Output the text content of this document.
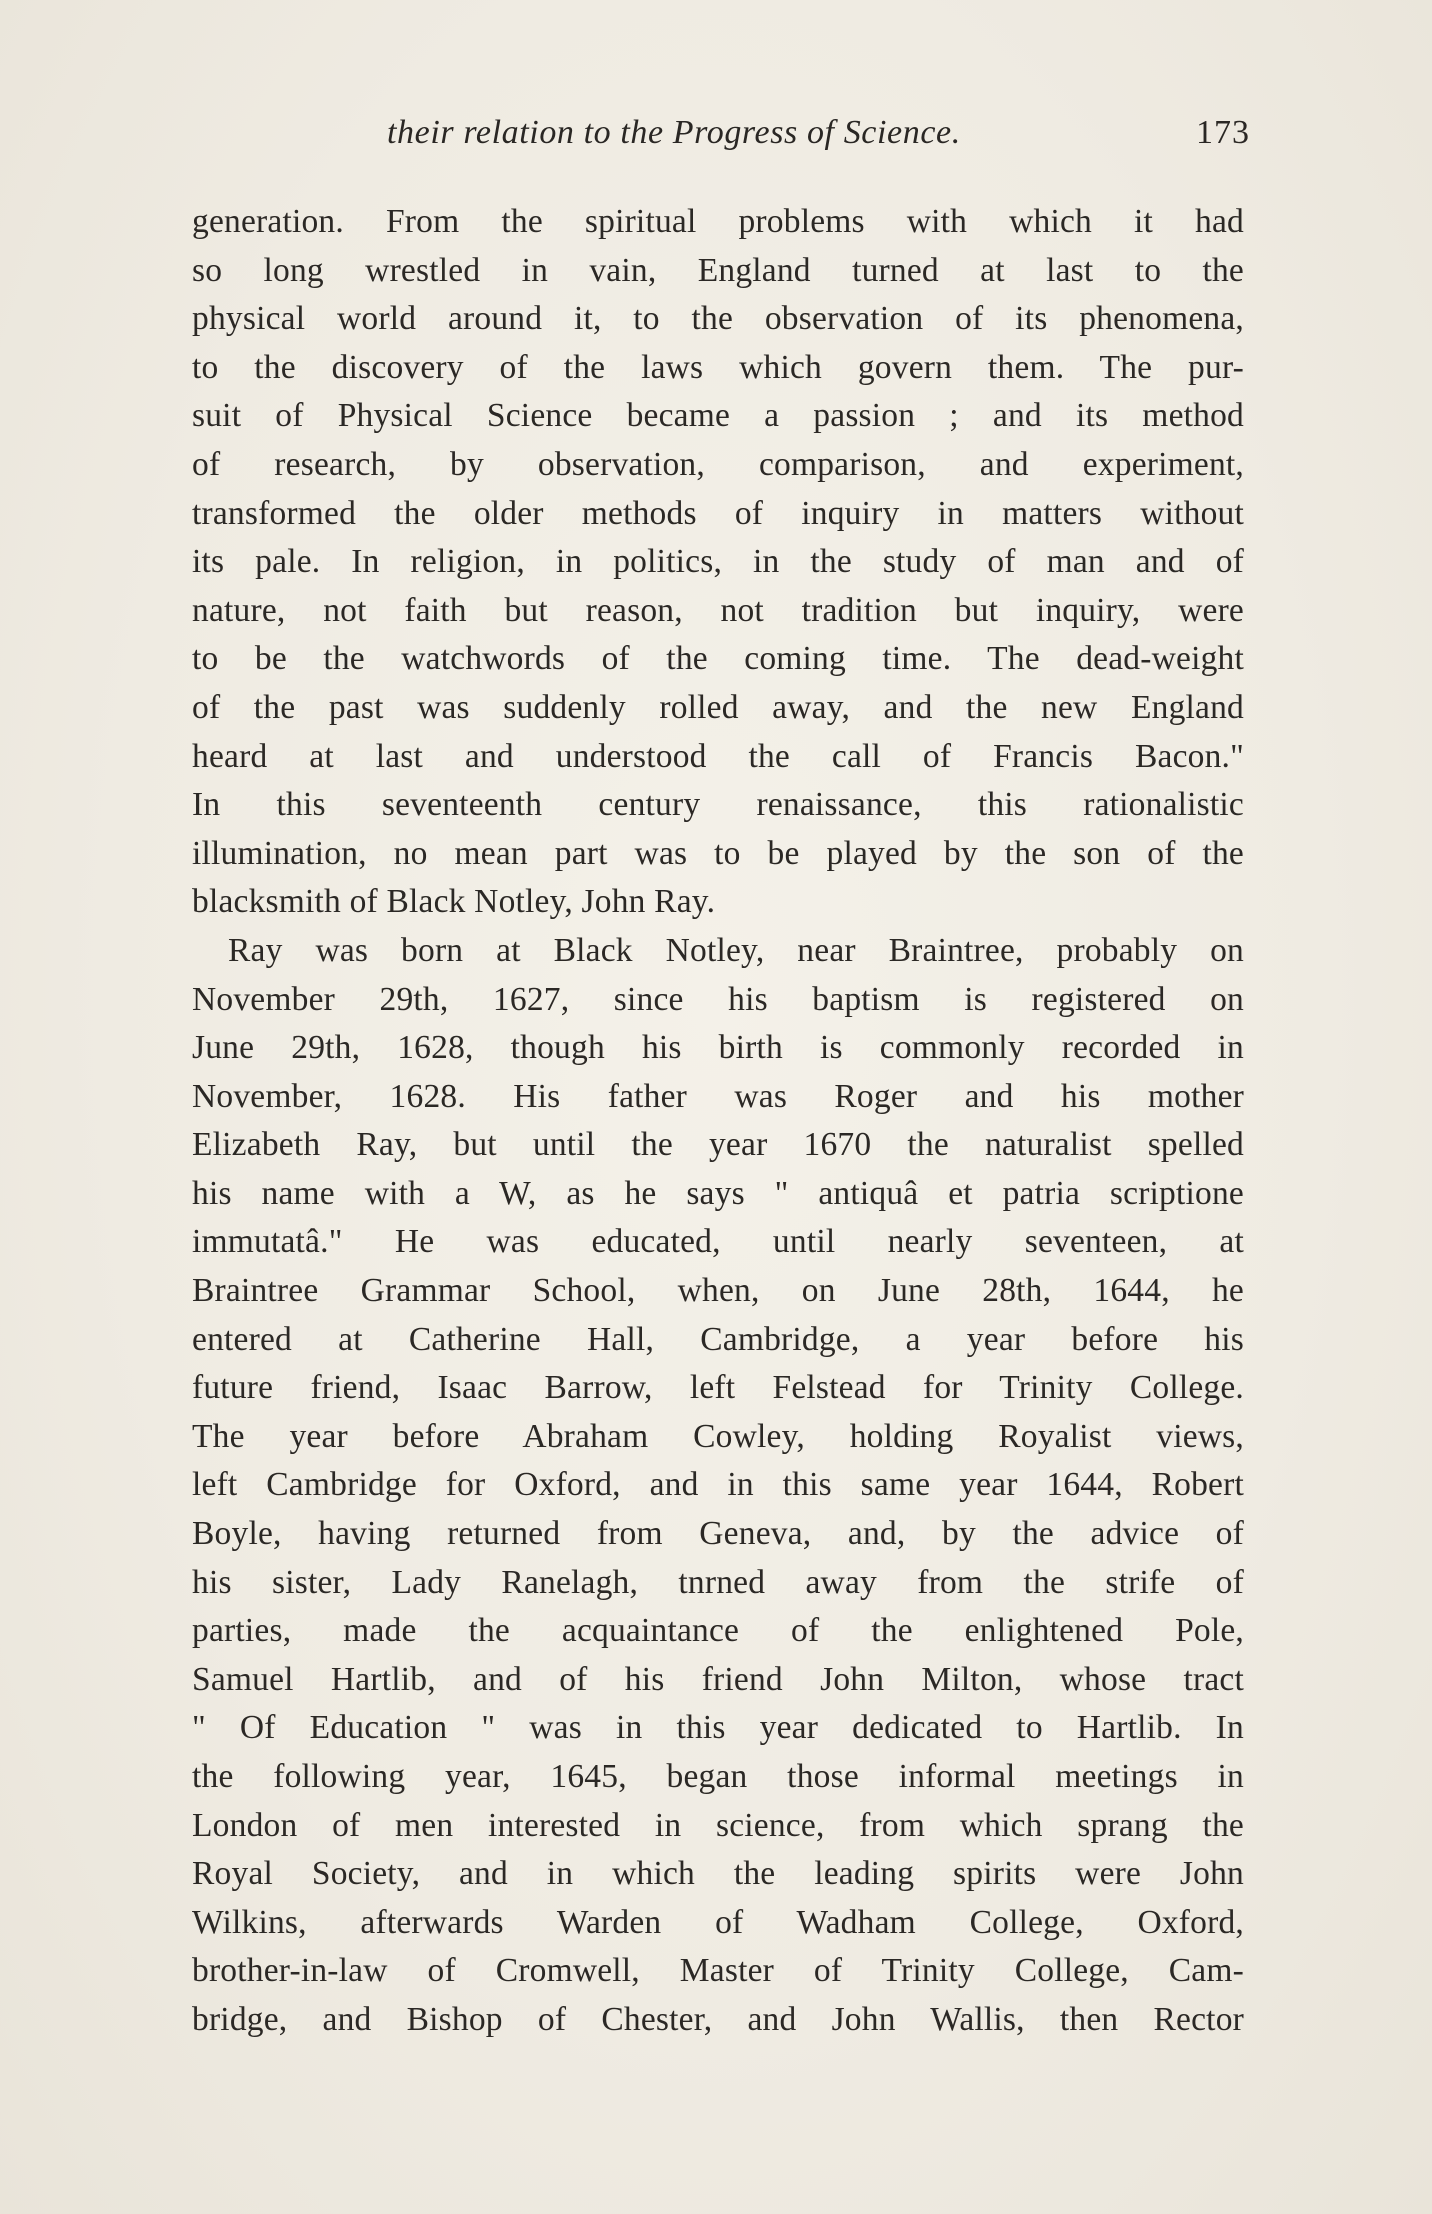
their relation to the Progress of Science.	173
generation. From the spiritual problems with which it had
so long wrestled in vain, England turned at last to the
physical world around it, to the observation of its phenomena,
to the discovery of the laws which govern them. The pur-
suit of Physical Science became a passion ; and its method
of research, by observation, comparison, and experiment,
transformed the older methods of inquiry in matters without
its pale. In religion, in politics, in the study of man and of
nature, not faith but reason, not tradition but inquiry, were
to be the watchwords of the coming time. The dead-weight
of the past was suddenly rolled away, and the new England
heard at last and understood the call of Francis Bacon."
In this seventeenth century renaissance, this rationalistic
illumination, no mean part was to be played by the son of the
blacksmith of Black Notley, John Ray.
Ray was born at Black Notley, near Braintree, probably on
November 29th, 1627, since his baptism is registered on
June 29th, 1628, though his birth is commonly recorded in
November, 1628. His father was Roger and his mother
Elizabeth Ray, but until the year 1670 the naturalist spelled
his name with a W, as he says " antiquâ et patria scriptione
immutatâ." He was educated, until nearly seventeen, at
Braintree Grammar School, when, on June 28th, 1644, he
entered at Catherine Hall, Cambridge, a year before his
future friend, Isaac Barrow, left Felstead for Trinity College.
The year before Abraham Cowley, holding Royalist views,
left Cambridge for Oxford, and in this same year 1644, Robert
Boyle, having returned from Geneva, and, by the advice of
his sister, Lady Ranelagh, tnrned away from the strife of
parties, made the acquaintance of the enlightened Pole,
Samuel Hartlib, and of his friend John Milton, whose tract
" Of Education " was in this year dedicated to Hartlib. In
the following year, 1645, began those informal meetings in
London of men interested in science, from which sprang the
Royal Society, and in which the leading spirits were John
Wilkins, afterwards Warden of Wadham College, Oxford,
brother-in-law of Cromwell, Master of Trinity College, Cam-
bridge, and Bishop of Chester, and John Wallis, then Rector
